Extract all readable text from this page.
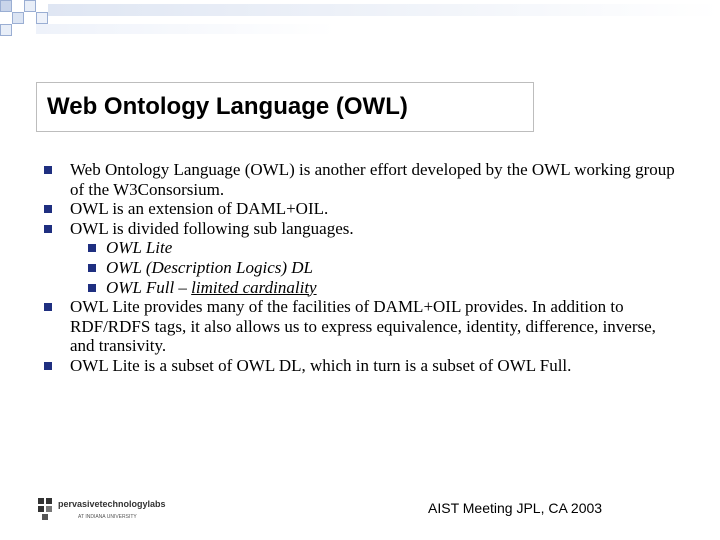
Web Ontology Language (OWL)
Web Ontology Language (OWL) is another effort developed by the OWL working group of the W3Consorsium.
OWL is an extension of DAML+OIL.
OWL is divided following sub languages.
OWL Lite
OWL (Description Logics) DL
OWL Full – limited cardinality
OWL Lite provides many of the facilities of DAML+OIL provides. In addition to RDF/RDFS tags, it also allows us to express equivalence, identity, difference, inverse, and transivity.
OWL Lite is a subset of OWL DL, which in turn is a subset of OWL Full.
pervasivetechnologylabs
AT INDIANA UNIVERSITY
AIST Meeting JPL, CA 2003
